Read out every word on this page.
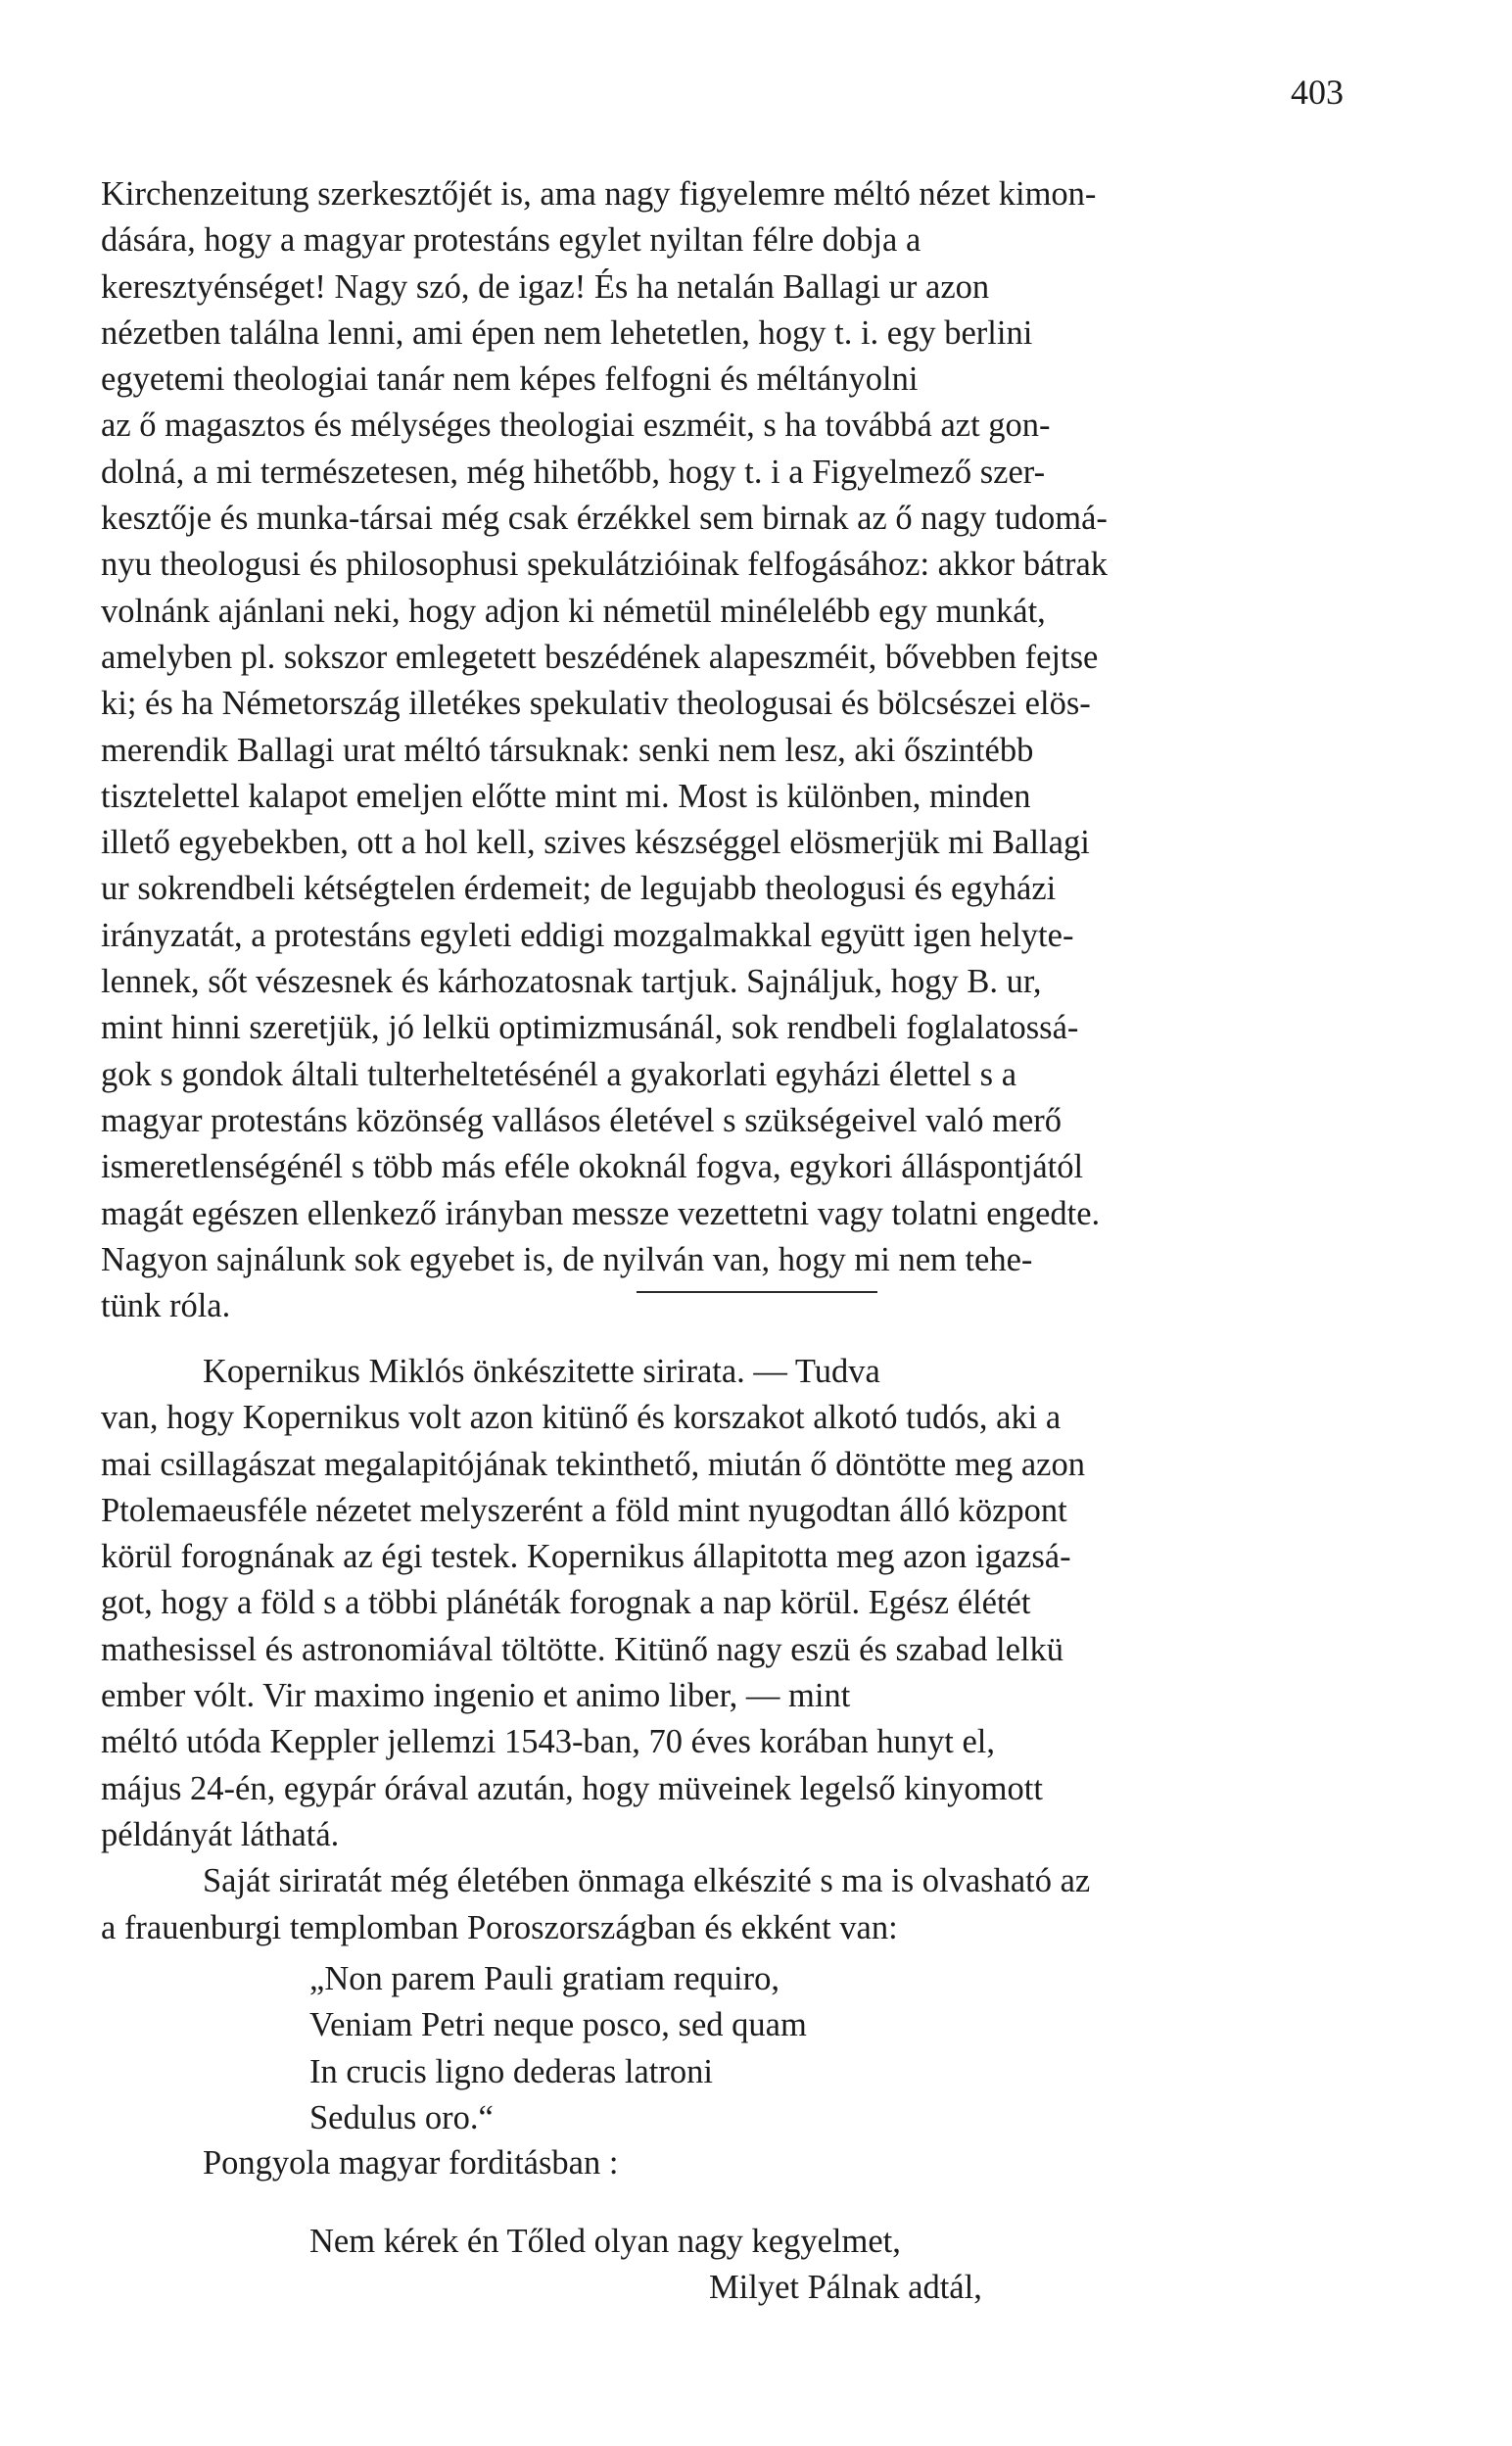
403
Kirchenzeitung szerkesztőjét is, ama nagy figyelemre méltó nézet kimon-
dására, hogy a magyar protestáns egylet nyiltan félre dobja a
keresztyénséget! Nagy szó, de igaz! És ha netalán Ballagi ur azon
nézetben találna lenni, ami épen nem lehetetlen, hogy t. i. egy berlini
egyetemi theologiai tanár nem képes felfogni és méltányolni
az ő magasztos és mélységes theologiai eszméit, s ha továbbá azt gon-
dolná, a mi természetesen, még hihetőbb, hogy t. i a Figyelmező szer-
kesztője és munka-társai még csak érzékkel sem birnak az ő nagy tudomá-
nyu theologusi és philosophusi spekulátzióinak felfogásához: akkor bátrak
volnánk ajánlani neki, hogy adjon ki németül minélelébb egy munkát,
amelyben pl. sokszor emlegetett beszédének alapeszméit, bővebben fejtse
ki; és ha Németország illetékes spekulativ theologusai és bölcsészei elös-
merendik Ballagi urat méltó társuknak: senki nem lesz, aki őszintébb
tisztelettel kalapot emeljen előtte mint mi. Most is különben, minden
illető egyebekben, ott a hol kell, szives készséggel elösmerjük mi Ballagi
ur sokrendbeli kétségtelen érdemeit; de legujabb theologusi és egyházi
irányzatát, a protestáns egyleti eddigi mozgalmakkal együtt igen helyte-
lennek, sőt vészesnek és kárhozatosnak tartjuk. Sajnáljuk, hogy B. ur,
mint hinni szeretjük, jó lelkü optimizmusánál, sok rendbeli foglalatossá-
gok s gondok általi tulterheltetésénél a gyakorlati egyházi élettel s a
magyar protestáns közönség vallásos életével s szükségeivel való merő
ismeretlenségénél s több más eféle okoknál fogva, egykori álláspontjától
magát egészen ellenkező irányban messze vezettetni vagy tolatni engedte.
Nagyon sajnálunk sok egyebet is, de nyilván van, hogy mi nem tehe-
tünk róla.
Kopernikus Miklós önkészitette sirirata. — Tudva
van, hogy Kopernikus volt azon kitünő és korszakot alkotó tudós, aki a
mai csillagászat megalapitójának tekinthető, miután ő döntötte meg azon
Ptolemaeusféle nézetet melyszerént a föld mint nyugodtan álló központ
körül forognának az égi testek. Kopernikus állapitotta meg azon igazsá-
got, hogy a föld s a többi plánéták forognak a nap körül. Egész élétét
mathesissel és astronomiával töltötte. Kitünő nagy eszü és szabad lelkü
ember vólt. Vir maximo ingenio et animo liber, — mint
méltó utóda Keppler jellemzi 1543-ban, 70 éves korában hunyt el,
május 24-én, egypár órával azután, hogy müveinek legelső kinyomott
példányát láthatá.
Saját siriratát még életében önmaga elkészité s ma is olvasható az
a frauenburgi templomban Poroszországban és ekként van:
„Non parem Pauli gratiam requiro,
Veniam Petri neque posco, sed quam
In crucis ligno dederas latroni
Sedulus oro.“
Pongyola magyar forditásban :
Nem kérek én Tőled olyan nagy kegyelmet,
Milyet Pálnak adtál,
